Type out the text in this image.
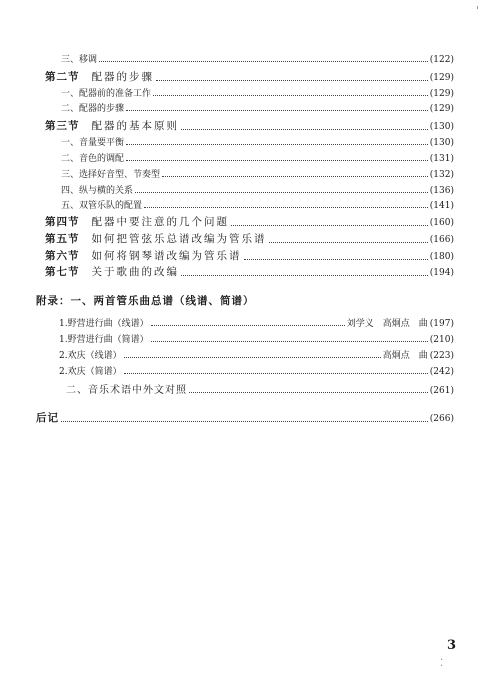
三、移调	(122)
第二节 配器的步骤	(129)
一、配器前的准备工作	(129)
二、配器的步骤	(129)
第三节 配器的基本原则	(130)
一、音量要平衡	(130)
二、音色的调配	(131)
三、选择好音型、节奏型	(132)
四、纵与横的关系	(136)
五、双管乐队的配置	(141)
第四节 配器中要注意的几个问题	(160)
第五节 如何把管弦乐总谱改编为管乐谱	(166)
第六节 如何将钢琴谱改编为管乐谱	(180)
第七节 关于歌曲的改编	(194)
附录：一、两首管乐曲总谱（线谱、简谱）
1.野营进行曲（线谱）	刘学义　高炯点　曲 (197)
1.野营进行曲（简谱）	(210)
2.欢庆（线谱）	高炯点　曲 (223)
2.欢庆（简谱）	(242)
二、音乐术语中外文对照	(261)
后记	(266)
3
⁚
